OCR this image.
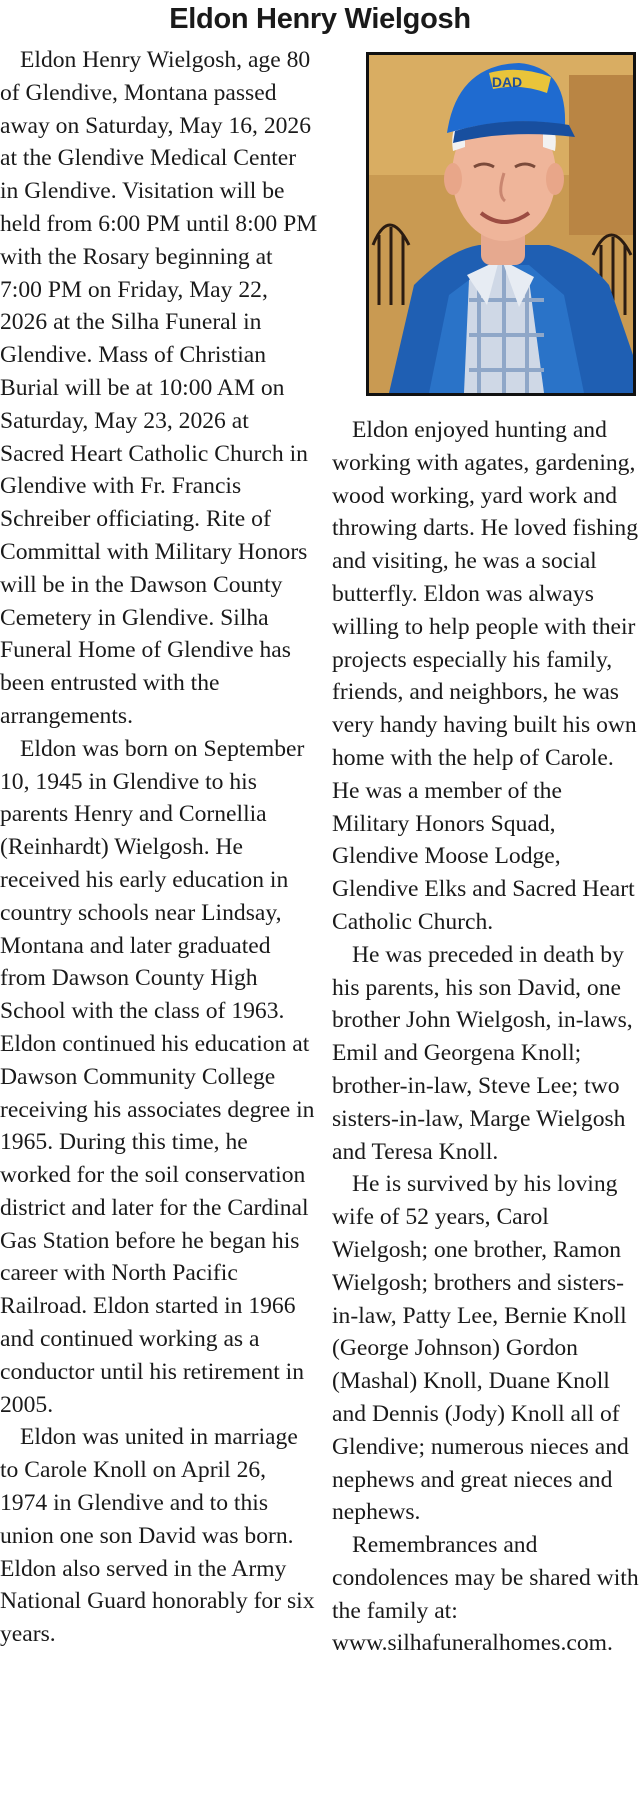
Eldon Henry Wielgosh

Eldon Henry Wielgosh, age 80 of Glendive, Montana passed away on Saturday, May 16, 2026 at the Glendive Medical Center in Glendive. Visitation will be held from 6:00 PM until 8:00 PM with the Rosary beginning at 7:00 PM on Friday, May 22, 2026 at the Silha Funeral in Glendive. Mass of Christian Burial will be at 10:00 AM on Saturday, May 23, 2026 at Sacred Heart Catholic Church in Glendive with Fr. Francis Schreiber officiating. Rite of Committal with Military Honors will be in the Dawson County Cemetery in Glendive. Silha Funeral Home of Glendive has been entrusted with the arrangements.

Eldon was born on September 10, 1945 in Glendive to his parents Henry and Cornellia (Reinhardt) Wielgosh. He received his early education in country schools near Lindsay, Montana and later graduated from Dawson County High School with the class of 1963. Eldon continued his education at Dawson Community College receiving his associates degree in 1965. During this time, he worked for the soil conservation district and later for the Cardinal Gas Station before he began his career with North Pacific Railroad. Eldon started in 1966 and continued working as a conductor until his retirement in 2005.

Eldon was united in marriage to Carole Knoll on April 26, 1974 in Glendive and to this union one son David was born. Eldon also served in the Army National Guard honorably for six years.

DAD

Eldon enjoyed hunting and working with agates, gardening, wood working, yard work and throwing darts. He loved fishing and visiting, he was a social butterfly. Eldon was always willing to help people with their projects especially his family, friends, and neighbors, he was very handy having built his own home with the help of Carole. He was a member of the Military Honors Squad, Glendive Moose Lodge, Glendive Elks and Sacred Heart Catholic Church.

He was preceded in death by his parents, his son David, one brother John Wielgosh, in-laws, Emil and Georgena Knoll; brother-in-law, Steve Lee; two sisters-in-law, Marge Wielgosh and Teresa Knoll.

He is survived by his loving wife of 52 years, Carol Wielgosh; one brother, Ramon Wielgosh; brothers and sisters-in-law, Patty Lee, Bernie Knoll (George Johnson) Gordon (Mashal) Knoll, Duane Knoll and Dennis (Jody) Knoll all of Glendive; numerous nieces and nephews and great nieces and nephews.

Remembrances and condolences may be shared with the family at: www.silhafuneralhomes.com.
